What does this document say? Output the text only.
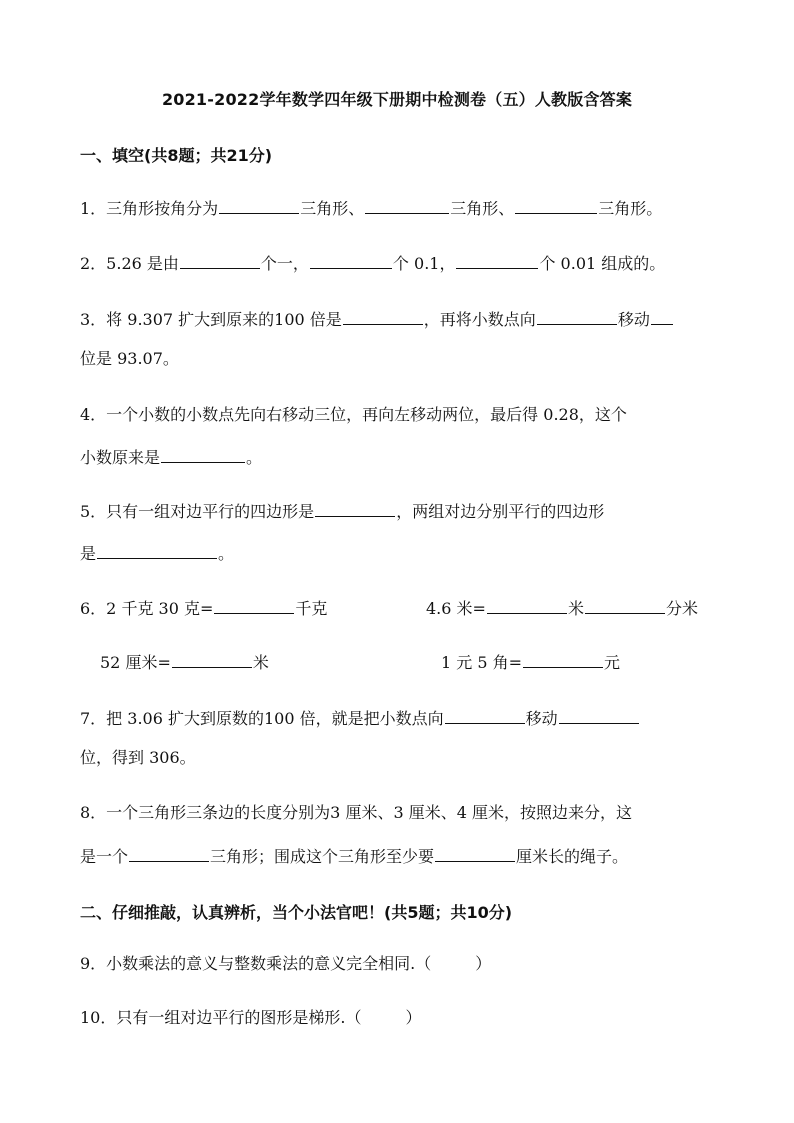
2021-2022学年数学四年级下册期中检测卷（五）人教版含答案
一、填空(共8题；共21分)
1．三角形按角分为	三角形、	三角形、	三角形。
2．5.26 是由	个一，	个 0.1，	个 0.01 组成的。
3．将 9.307 扩大到原来的100 倍是	，再将小数点向	移动
位是 93.07。
4．一个小数的小数点先向右移动三位，再向左移动两位，最后得 0.28，这个
小数原来是	。
5．只有一组对边平行的四边形是	，两组对边分别平行的四边形
是	。
6．2 千克 30 克=	千克	4.6 米=	米	分米
52 厘米=	米	1 元 5 角=	元
7．把 3.06 扩大到原数的100 倍，就是把小数点向	移动
位，得到 306。
8．一个三角形三条边的长度分别为3 厘米、3 厘米、4 厘米，按照边来分，这
是一个	三角形；围成这个三角形至少要	厘米长的绳子。
二、仔细推敲，认真辨析，当个小法官吧！(共5题；共10分)
9．小数乘法的意义与整数乘法的意义完全相同.（	）
10．只有一组对边平行的图形是梯形.（	）
